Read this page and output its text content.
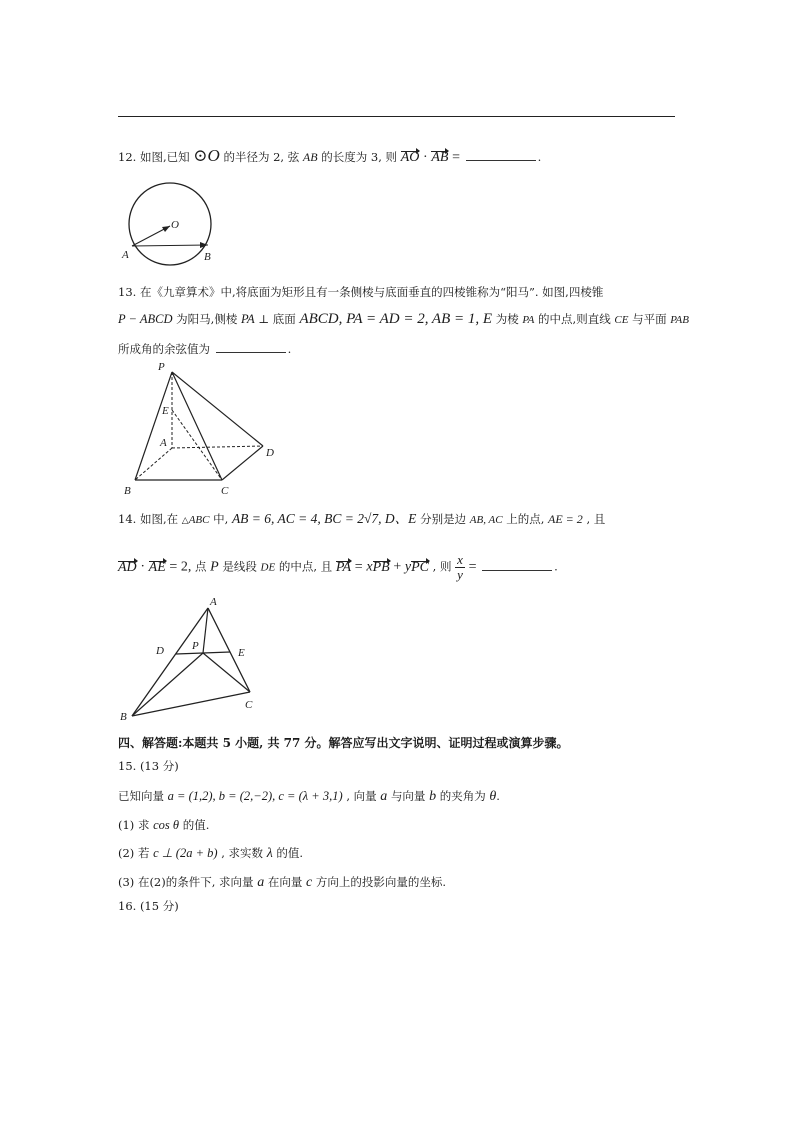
12. 如图,已知 ⊙O 的半径为 2, 弦 AB 的长度为 3, 则 AO · AB =	.
O
A	B
13. 在《九章算术》中,将底面为矩形且有一条侧棱与底面垂直的四棱锥称为“阳马”. 如图,四棱锥
P − ABCD 为阳马,侧棱 PA ⊥ 底面 ABCD, PA = AD = 2, AB = 1, E 为棱 PA 的中点,则直线 CE 与平面 PAB
所成角的余弦值为	.
P
E
A
B	C
D
14. 如图,在 △ABC 中, AB = 6, AC = 4, BC = 2√7, D、E 分别是边 AB, AC 上的点, AE = 2 , 且
AD · AE = 2, 点 P 是线段 DE 的中点, 且 PA = xPB + yPC , 则 $\frac{x}{y}$ =	.
A
D	P
E
B
C
四、解答题:本题共 5 小题, 共 77 分。解答应写出文字说明、证明过程或演算步骤。
15. (13 分)
已知向量 a = (1,2), b = (2,−2), c = (λ + 3,1) , 向量 a 与向量 b 的夹角为 θ.
(1) 求 cos θ 的值.
(2) 若 c ⊥ (2a + b) , 求实数 λ 的值.
(3) 在(2)的条件下, 求向量 a 在向量 c 方向上的投影向量的坐标.
16. (15 分)
